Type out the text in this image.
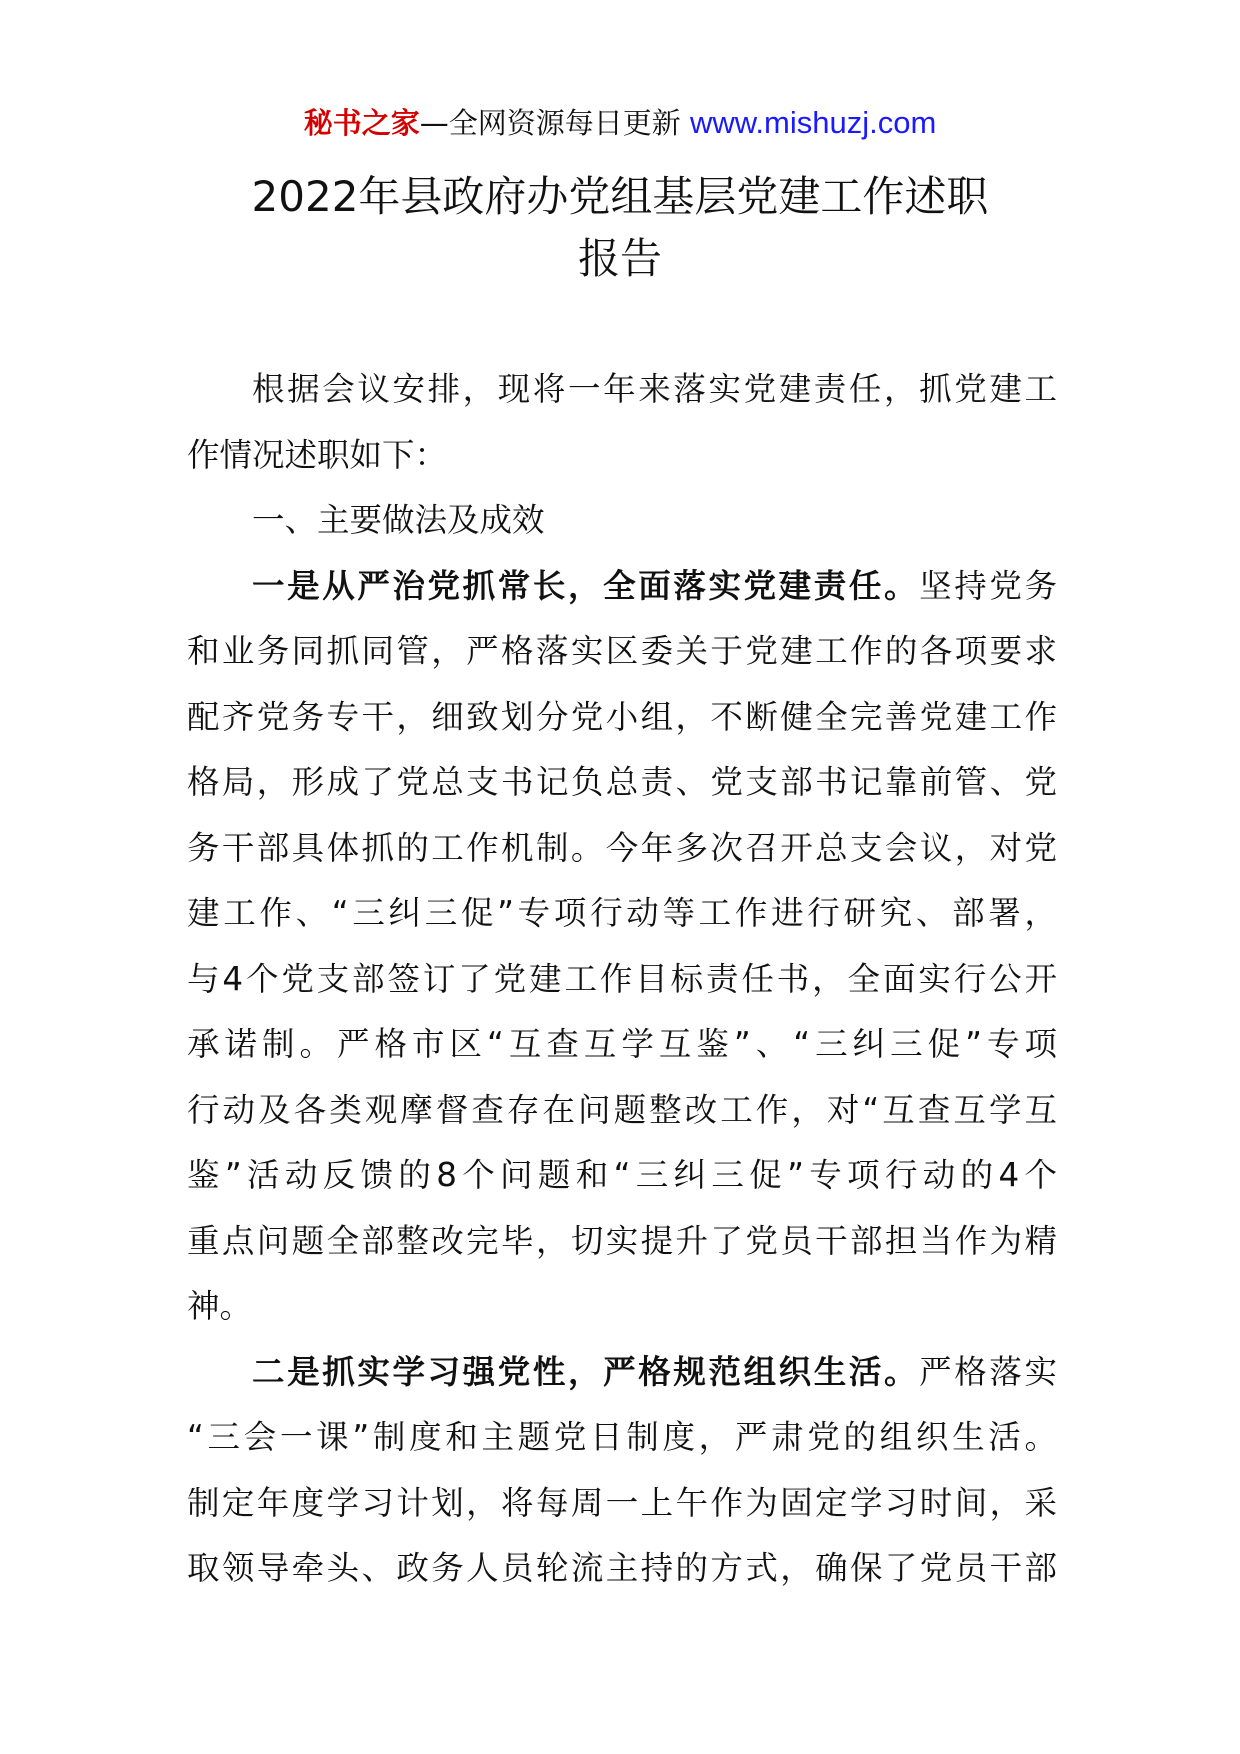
秘书之家—全网资源每日更新 www.mishuzj.com
2022年县政府办党组基层党建工作述职
报告
根据会议安排，现将一年来落实党建责任，抓党建工
作情况述职如下：
一、主要做法及成效
一是从严治党抓常长，全面落实党建责任。坚持党务
和业务同抓同管，严格落实区委关于党建工作的各项要求
配齐党务专干，细致划分党小组，不断健全完善党建工作
格局，形成了党总支书记负总责、党支部书记靠前管、党
务干部具体抓的工作机制。今年多次召开总支会议，对党
建工作、“三纠三促”专项行动等工作进行研究、部署，
与4个党支部签订了党建工作目标责任书，全面实行公开
承诺制。严格市区“互查互学互鉴”、“三纠三促”专项
行动及各类观摩督查存在问题整改工作，对“互查互学互
鉴”活动反馈的8个问题和“三纠三促”专项行动的4个
重点问题全部整改完毕，切实提升了党员干部担当作为精
神。
二是抓实学习强党性，严格规范组织生活。严格落实
“三会一课”制度和主题党日制度，严肃党的组织生活。
制定年度学习计划，将每周一上午作为固定学习时间，采
取领导牵头、政务人员轮流主持的方式，确保了党员干部
